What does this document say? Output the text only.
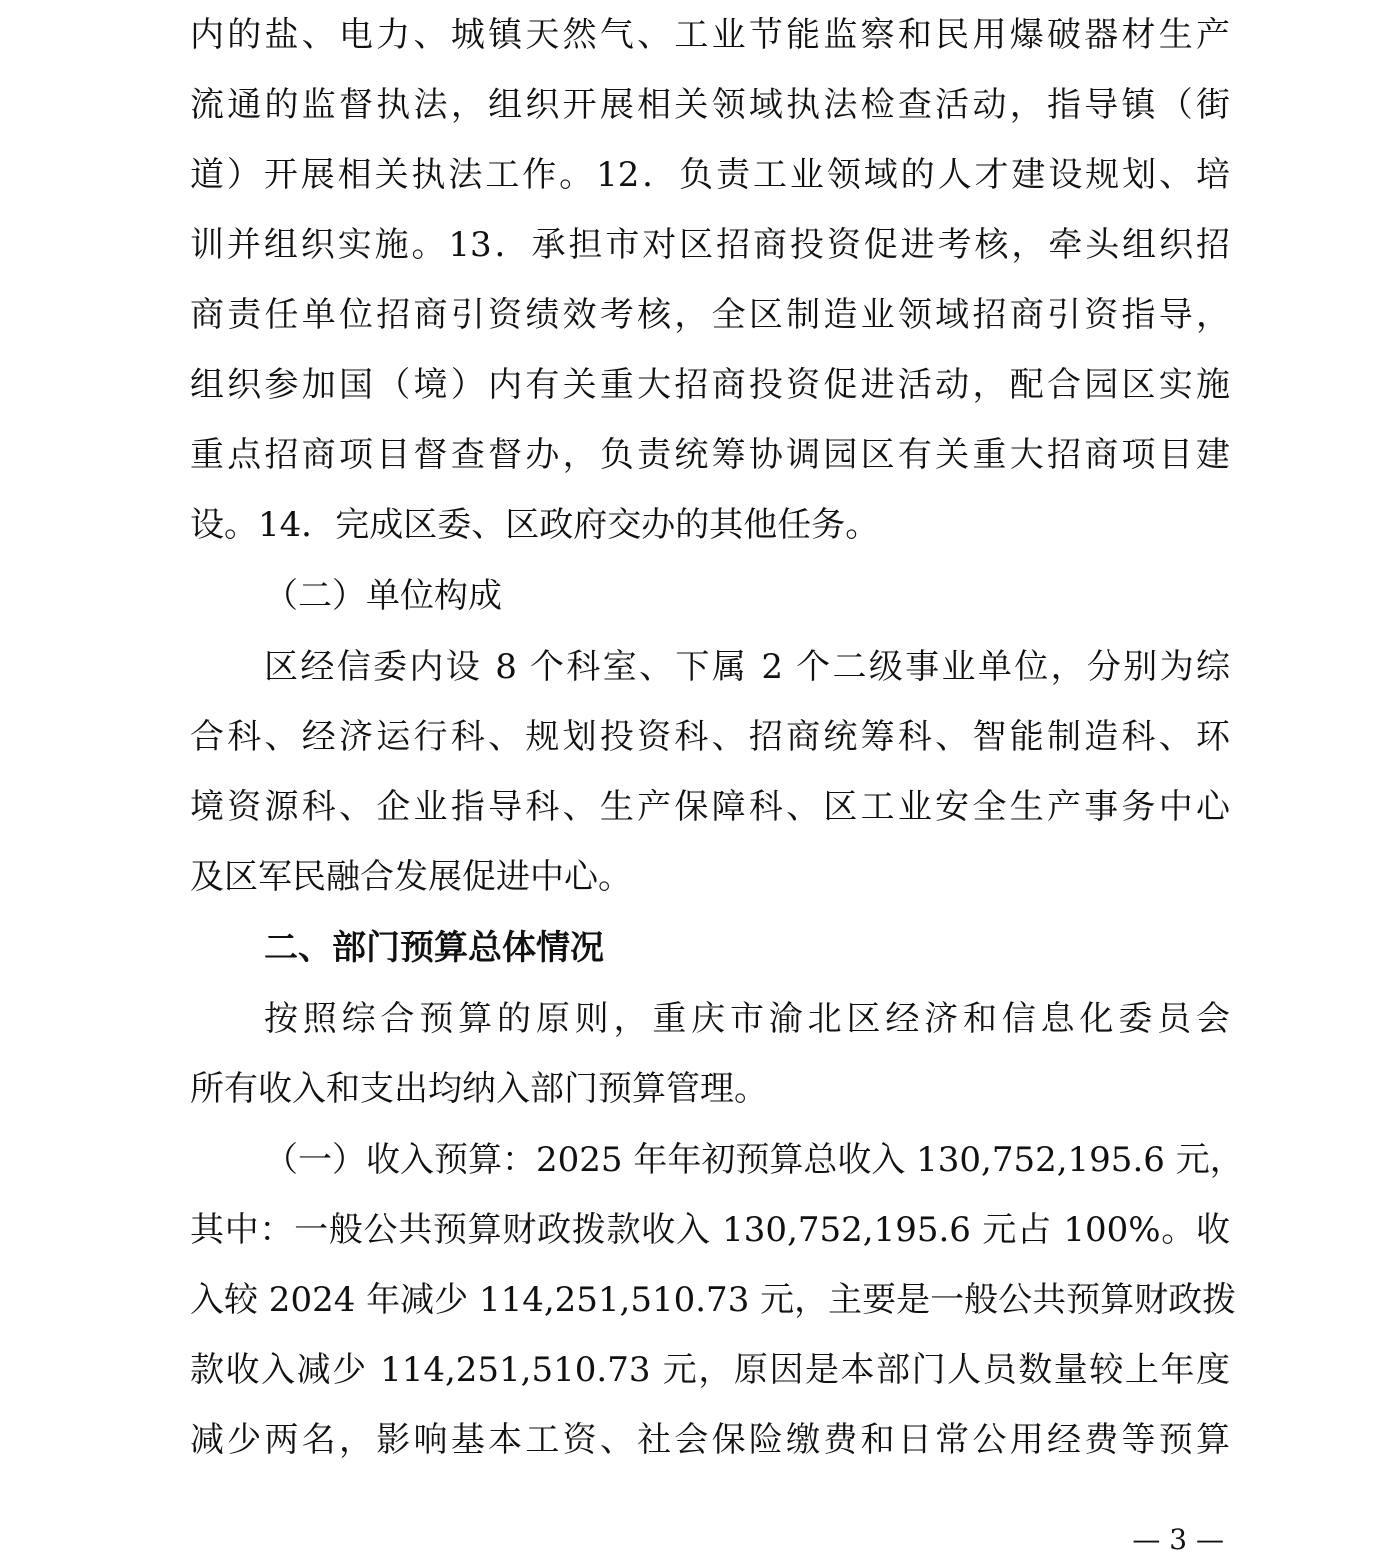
内的盐、电力、城镇天然气、工业节能监察和民用爆破器材生产
流通的监督执法，组织开展相关领域执法检查活动，指导镇（街
道）开展相关执法工作。12．负责工业领域的人才建设规划、培
训并组织实施。13．承担市对区招商投资促进考核，牵头组织招
商责任单位招商引资绩效考核，全区制造业领域招商引资指导，
组织参加国（境）内有关重大招商投资促进活动，配合园区实施
重点招商项目督查督办，负责统筹协调园区有关重大招商项目建
设。14．完成区委、区政府交办的其他任务。
（二）单位构成
区经信委内设 8 个科室、下属 2 个二级事业单位，分别为综
合科、经济运行科、规划投资科、招商统筹科、智能制造科、环
境资源科、企业指导科、生产保障科、区工业安全生产事务中心
及区军民融合发展促进中心。
二、部门预算总体情况
按照综合预算的原则，重庆市渝北区经济和信息化委员会
所有收入和支出均纳入部门预算管理。
（一）收入预算：2025 年年初预算总收入 130,752,195.6 元，
其中：一般公共预算财政拨款收入 130,752,195.6 元占 100%。收
入较 2024 年减少 114,251,510.73 元，主要是一般公共预算财政拨
款收入减少 114,251,510.73 元，原因是本部门人员数量较上年度
减少两名，影响基本工资、社会保险缴费和日常公用经费等预算
— 3 —
